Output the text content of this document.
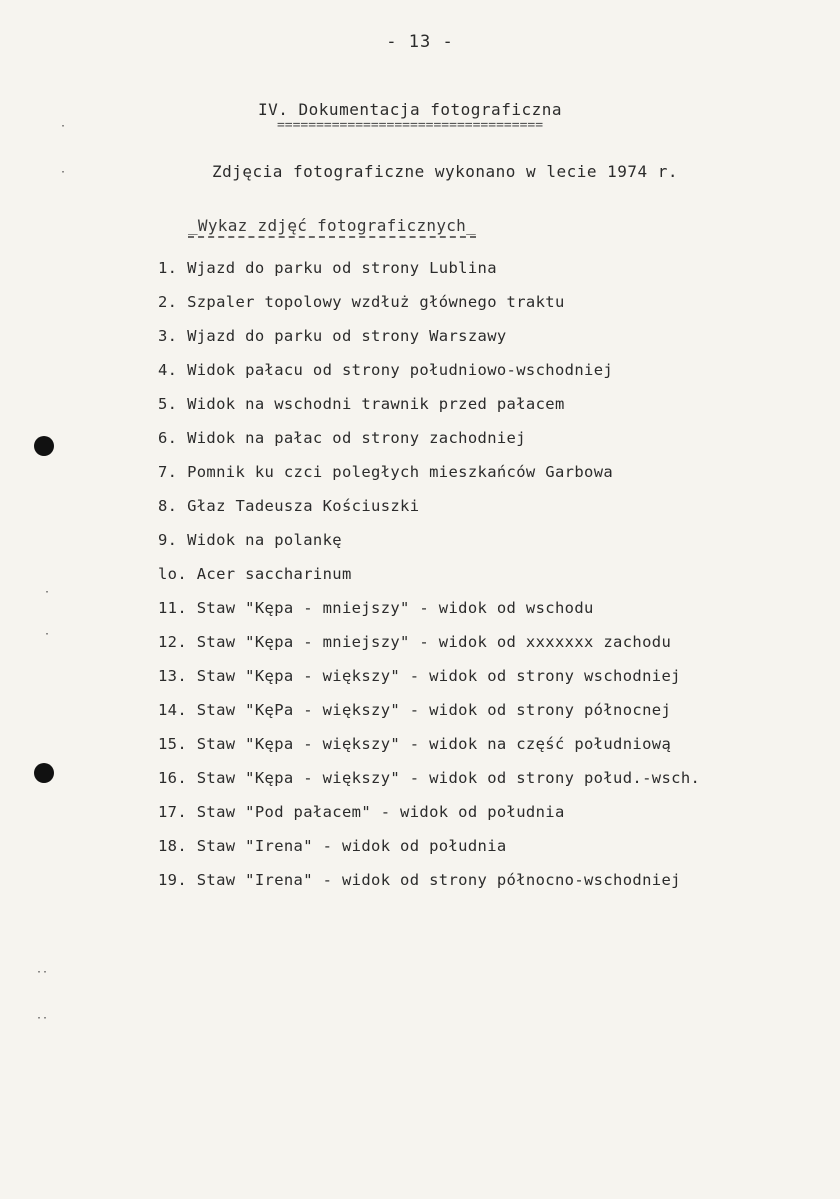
- 13 -
IV. Dokumentacja fotograficzna
==================================
Zdjęcia fotograficzne wykonano w lecie 1974 r.
_Wykaz zdjęć fotograficznych_
1. Wjazd do parku od strony Lublina
2. Szpaler topolowy wzdłuż głównego traktu
3. Wjazd do parku od strony Warszawy
4. Widok pałacu od strony południowo-wschodniej
5. Widok na wschodni trawnik przed pałacem
6. Widok na pałac od strony zachodniej
7. Pomnik ku czci poległych mieszkańców Garbowa
8. Głaz Tadeusza Kościuszki
9. Widok na polankę
lo. Acer saccharinum
11. Staw "Kępa - mniejszy" - widok od wschodu
12. Staw "Kępa - mniejszy" - widok od xxxxxxx zachodu
13. Staw "Kępa - większy" - widok od strony wschodniej
14. Staw "KęPa - większy" - widok od strony północnej
15. Staw "Kępa - większy" - widok na część południową
16. Staw "Kępa - większy" - widok od strony połud.-wsch.
17. Staw "Pod pałacem" - widok od południa
18. Staw "Irena" - widok od południa
19. Staw "Irena" - widok od strony północno-wschodniej
·
·
·
·
··
··
